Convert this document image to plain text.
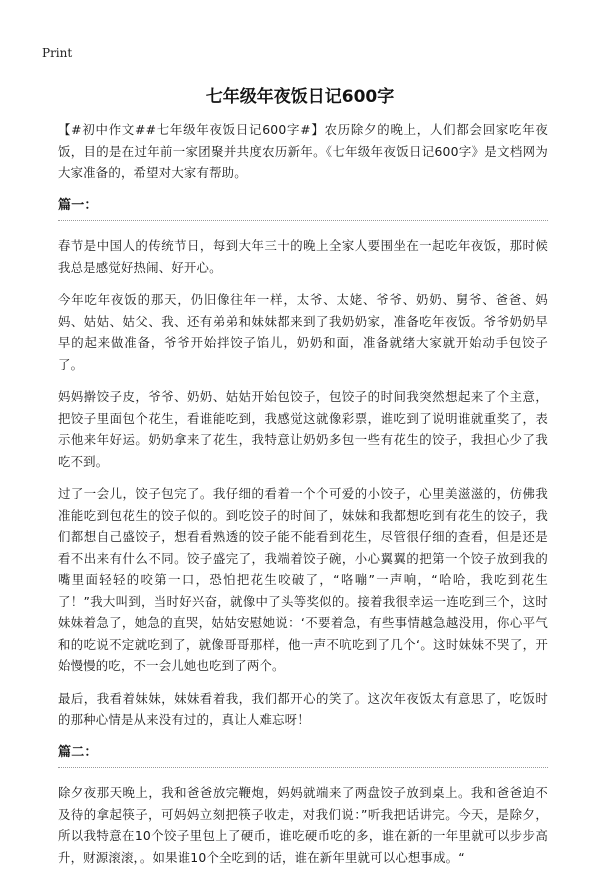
Print
七年级年夜饭日记600字

【#初中作文##七年级年夜饭日记600字#】农历除夕的晚上，人们都会回家吃年夜饭，目的是在过年前一家团聚并共度农历新年。《七年级年夜饭日记600字》是文档网为大家准备的，希望对大家有帮助。

篇一：

春节是中国人的传统节日，每到大年三十的晚上全家人要围坐在一起吃年夜饭，那时候我总是感觉好热闹、好开心。

今年吃年夜饭的那天，仍旧像往年一样，太爷、太姥、爷爷、奶奶、舅爷、爸爸、妈妈、姑姑、姑父、我、还有弟弟和妹妹都来到了我奶奶家，准备吃年夜饭。爷爷奶奶早早的起来做准备，爷爷开始拌饺子馅儿，奶奶和面，准备就绪大家就开始动手包饺子了。

妈妈擀饺子皮，爷爷、奶奶、姑姑开始包饺子，包饺子的时间我突然想起来了个主意，把饺子里面包个花生，看谁能吃到，我感觉这就像彩票，谁吃到了说明谁就重奖了，表示他来年好运。奶奶拿来了花生，我特意让奶奶多包一些有花生的饺子，我担心少了我吃不到。

过了一会儿，饺子包完了。我仔细的看着一个个可爱的小饺子，心里美滋滋的，仿佛我准能吃到包花生的饺子似的。到吃饺子的时间了，妹妹和我都想吃到有花生的饺子，我们都想自己盛饺子，想看看熟透的饺子能不能看到花生，尽管很仔细的查看，但是还是看不出来有什么不同。饺子盛完了，我端着饺子碗，小心翼翼的把第一个饺子放到我的嘴里面轻轻的咬第一口，恐怕把花生咬破了，“咯嘣”一声响，“哈哈，我吃到花生了！”我大叫到，当时好兴奋，就像中了头等奖似的。接着我很幸运一连吃到三个，这时妹妹着急了，她急的直哭，姑姑安慰她说：‘不要着急，有些事情越急越没用，你心平气和的吃说不定就吃到了，就像哥哥那样，他一声不吭吃到了几个‘。这时妹妹不哭了，开始慢慢的吃，不一会儿她也吃到了两个。

最后，我看着妹妹，妹妹看着我，我们都开心的笑了。这次年夜饭太有意思了，吃饭时的那种心情是从来没有过的，真让人难忘呀！

篇二：

除夕夜那天晚上，我和爸爸放完鞭炮，妈妈就端来了两盘饺子放到桌上。我和爸爸迫不及待的拿起筷子，可妈妈立刻把筷子收走，对我们说：”听我把话讲完。今天，是除夕，所以我特意在10个饺子里包上了硬币，谁吃硬币吃的多，谁在新的一年里就可以步步高升，财源滚滚，。如果谁10个全吃到的话，谁在新年里就可以心想事成。“
